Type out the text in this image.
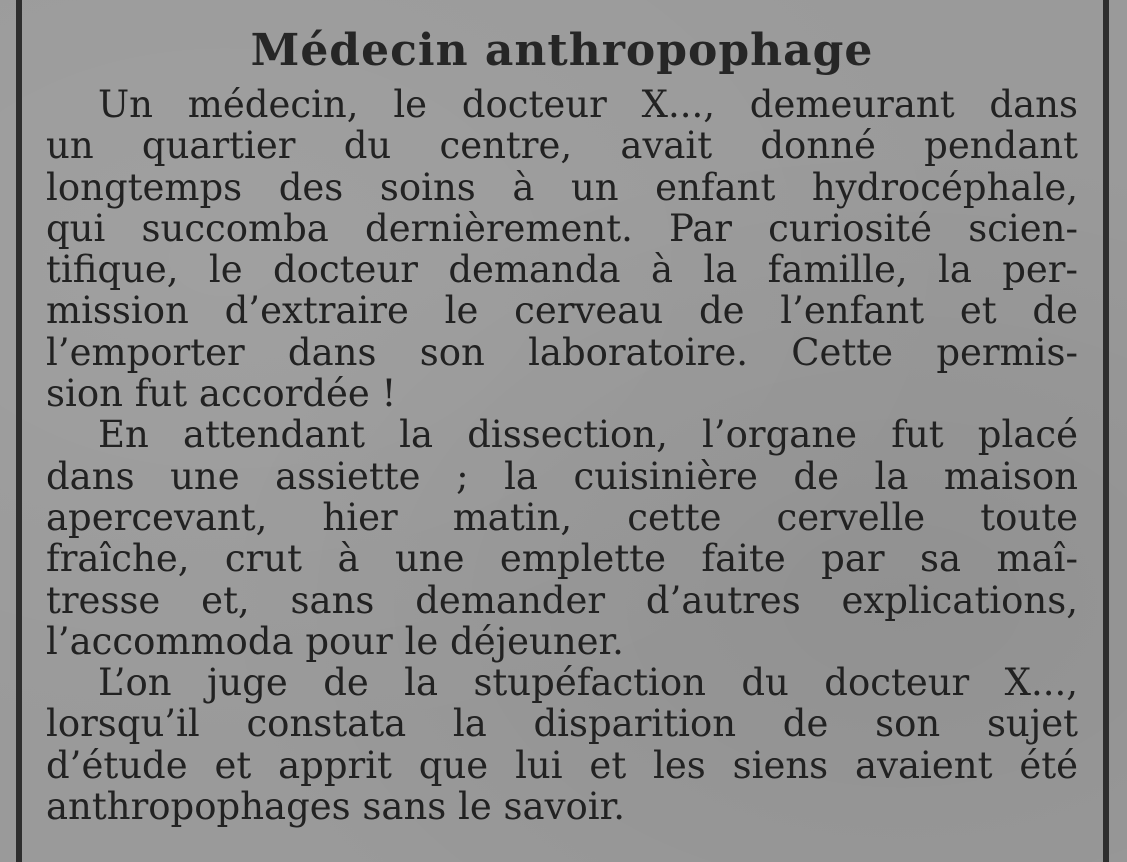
Médecin anthropophage

Un médecin, le docteur X..., demeurant dans
un quartier du centre, avait donné pendant
longtemps des soins à un enfant hydrocéphale,
qui succomba dernièrement. Par curiosité scien-
tifique, le docteur demanda à la famille, la per-
mission d’extraire le cerveau de l’enfant et de
l’emporter dans son laboratoire. Cette permis-
sion fut accordée !

En attendant la dissection, l’organe fut placé
dans une assiette ; la cuisinière de la maison
apercevant, hier matin, cette cervelle toute
fraîche, crut à une emplette faite par sa maî-
tresse et, sans demander d’autres explications,
l’accommoda pour le déjeuner.

L’on juge de la stupéfaction du docteur X...,
lorsqu’il constata la disparition de son sujet
d’étude et apprit que lui et les siens avaient été
anthropophages sans le savoir.
